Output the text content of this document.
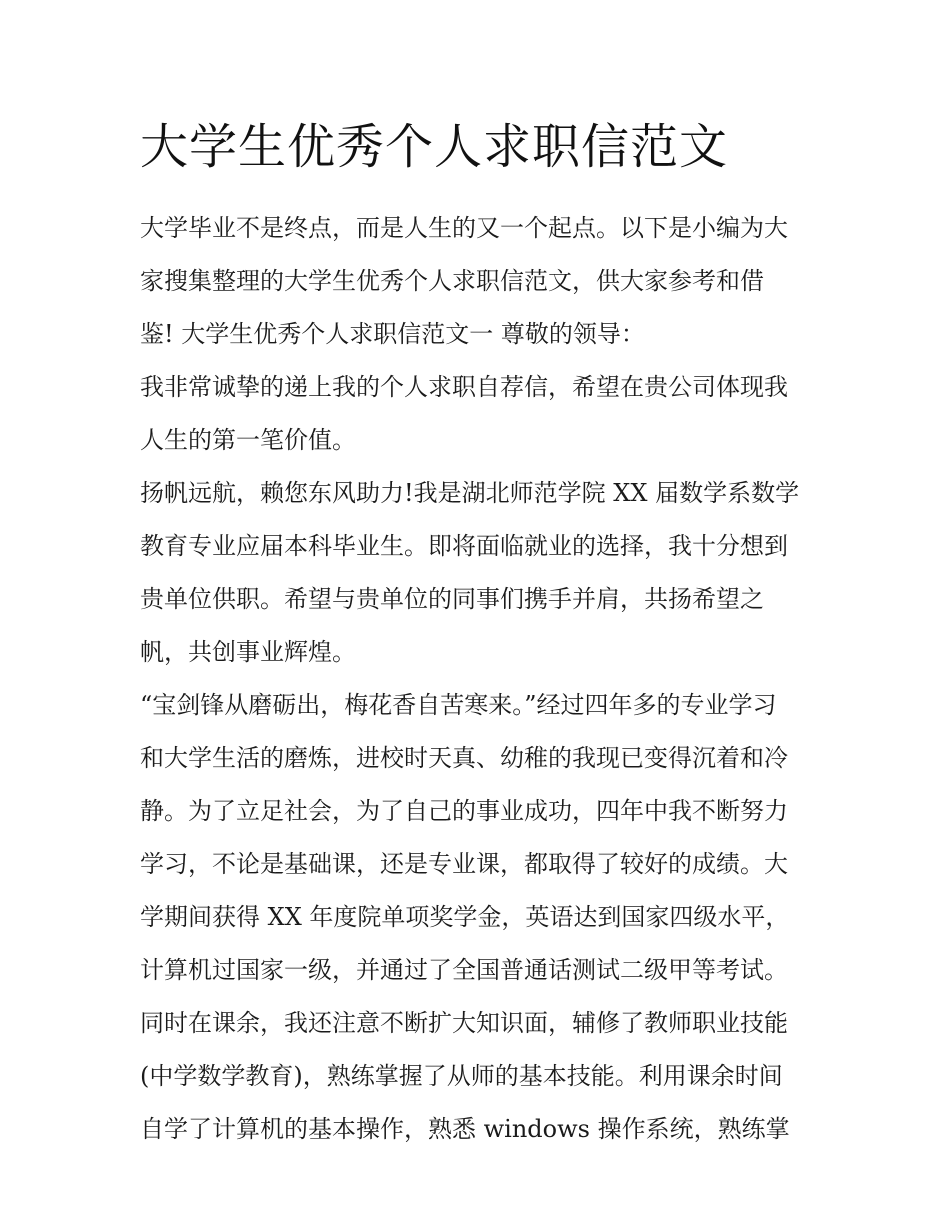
大学生优秀个人求职信范文
大学毕业不是终点，而是人生的又一个起点。以下是小编为大
家搜集整理的大学生优秀个人求职信范文，供大家参考和借
鉴! 大学生优秀个人求职信范文一 尊敬的领导：
我非常诚挚的递上我的个人求职自荐信，希望在贵公司体现我
人生的第一笔价值。
扬帆远航，赖您东风助力!我是湖北师范学院 XX 届数学系数学
教育专业应届本科毕业生。即将面临就业的选择，我十分想到
贵单位供职。希望与贵单位的同事们携手并肩，共扬希望之
帆，共创事业辉煌。
“宝剑锋从磨砺出，梅花香自苦寒来。”经过四年多的专业学习
和大学生活的磨炼，进校时天真、幼稚的我现已变得沉着和冷
静。为了立足社会，为了自己的事业成功，四年中我不断努力
学习，不论是基础课，还是专业课，都取得了较好的成绩。大
学期间获得 XX 年度院单项奖学金，英语达到国家四级水平，
计算机过国家一级，并通过了全国普通话测试二级甲等考试。
同时在课余，我还注意不断扩大知识面，辅修了教师职业技能
(中学数学教育)，熟练掌握了从师的基本技能。利用课余时间
自学了计算机的基本操作，熟悉 windows 操作系统，熟练掌
